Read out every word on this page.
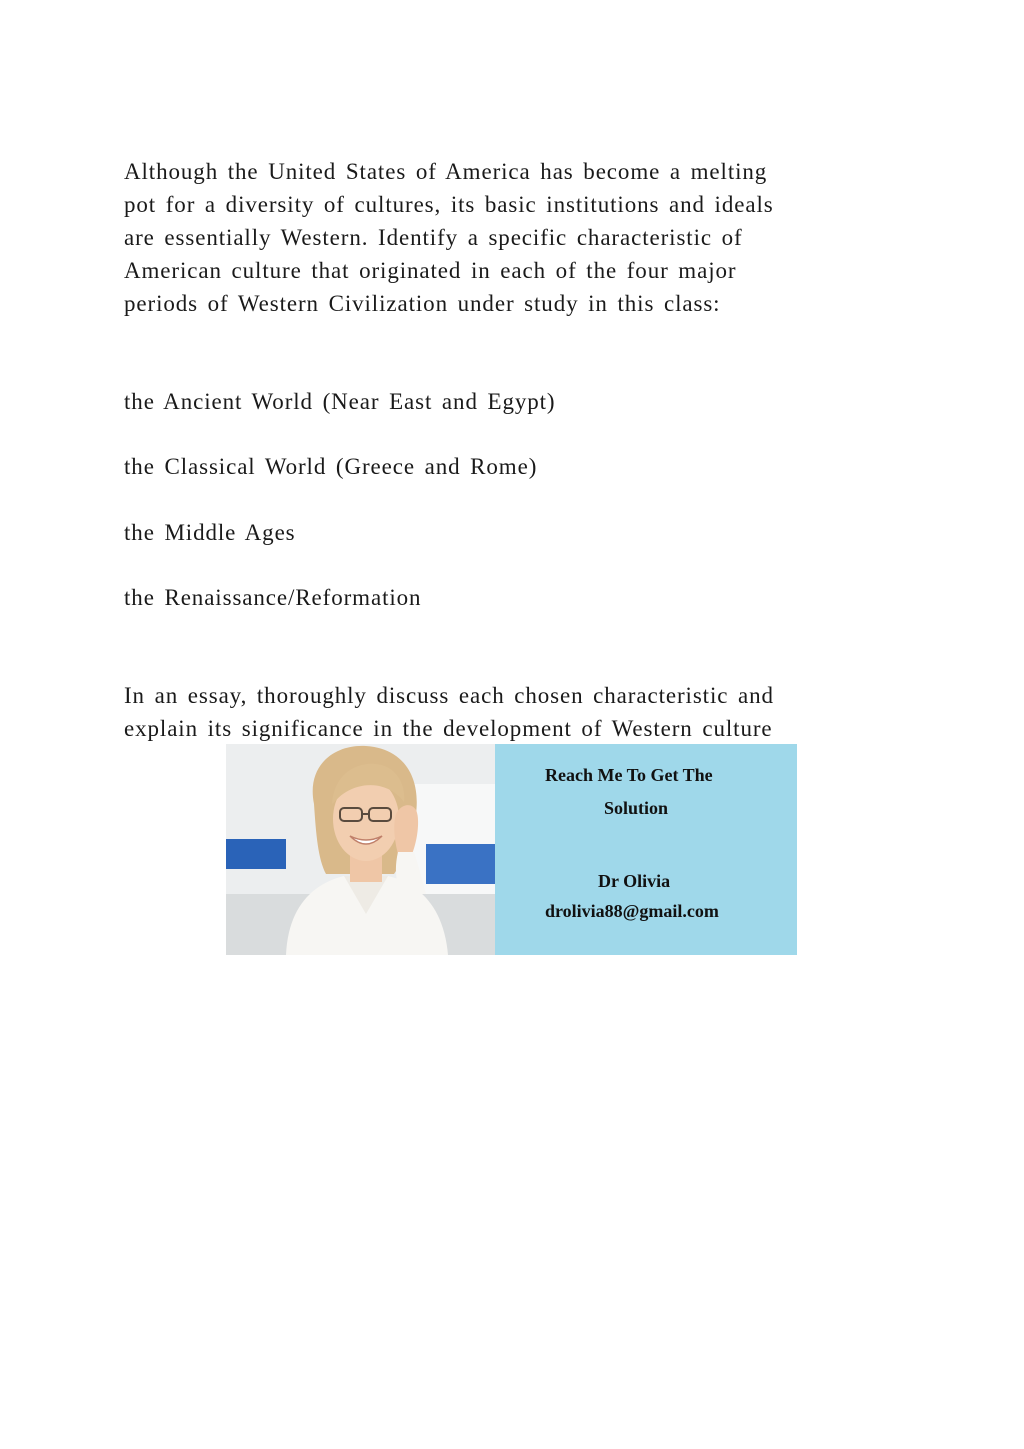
Although the United States of America has become a melting
pot for a diversity of cultures, its basic institutions and ideals
are essentially Western. Identify a specific characteristic of
American culture that originated in each of the four major
periods of Western Civilization under study in this class:
the Ancient World (Near East and Egypt)
the Classical World (Greece and Rome)
the Middle Ages
the Renaissance/Reformation
In an essay, thoroughly discuss each chosen characteristic and
explain its significance in the development of Western culture
Reach Me To Get The
Solution
Dr Olivia
drolivia88@gmail.com
